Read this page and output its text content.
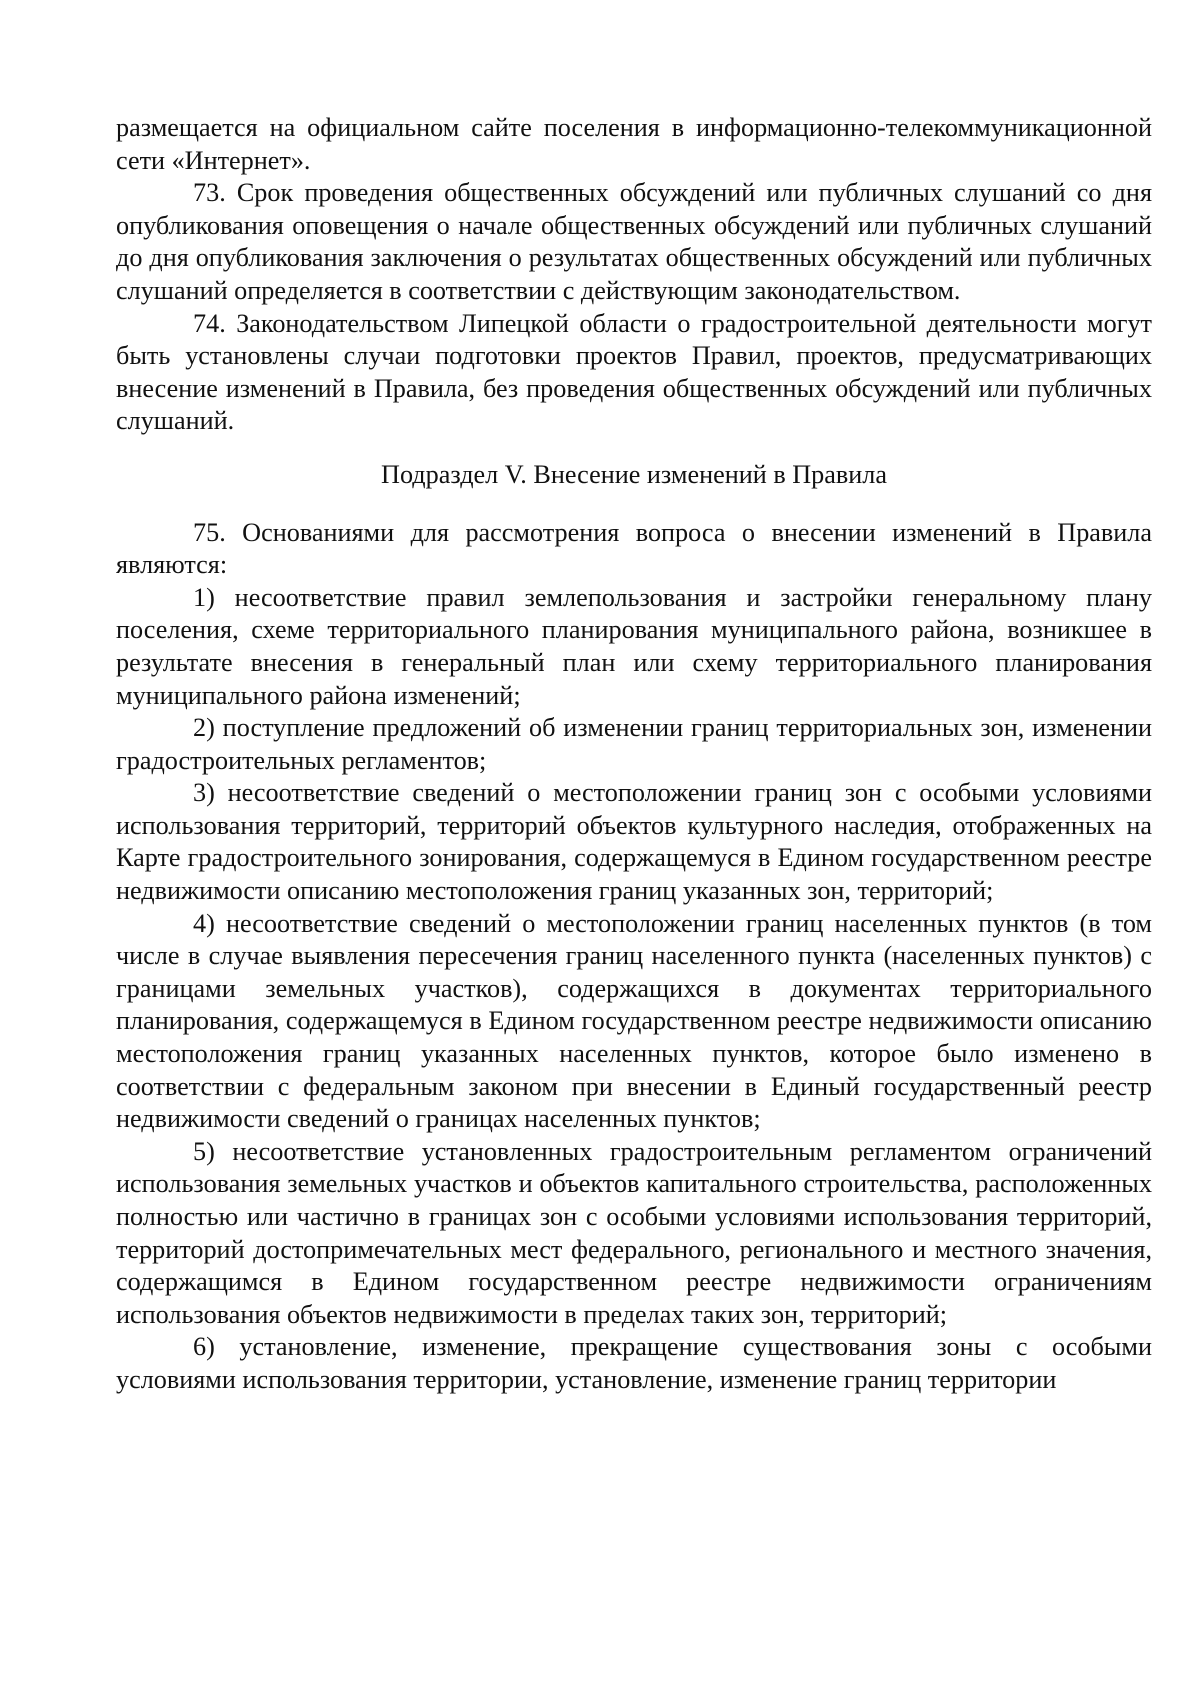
размещается на официальном сайте поселения в информационно-телекоммуникационной сети «Интернет».

73. Срок проведения общественных обсуждений или публичных слушаний со дня опубликования оповещения о начале общественных обсуждений или публичных слушаний до дня опубликования заключения о результатах общественных обсуждений или публичных слушаний определяется в соответствии с действующим законодательством.

74. Законодательством Липецкой области о градостроительной деятельности могут быть установлены случаи подготовки проектов Правил, проектов, предусматривающих внесение изменений в Правила, без проведения общественных обсуждений или публичных слушаний.

Подраздел V. Внесение изменений в Правила

75. Основаниями для рассмотрения вопроса о внесении изменений в Правила являются:

1) несоответствие правил землепользования и застройки генеральному плану поселения, схеме территориального планирования муниципального района, возникшее в результате внесения в генеральный план или схему территориального планирования муниципального района изменений;

2) поступление предложений об изменении границ территориальных зон, изменении градостроительных регламентов;

3) несоответствие сведений о местоположении границ зон с особыми условиями использования территорий, территорий объектов культурного наследия, отображенных на Карте градостроительного зонирования, содержащемуся в Едином государственном реестре недвижимости описанию местоположения границ указанных зон, территорий;

4) несоответствие сведений о местоположении границ населенных пунктов (в том числе в случае выявления пересечения границ населенного пункта (населенных пунктов) с границами земельных участков), содержащихся в документах территориального планирования, содержащемуся в Едином государственном реестре недвижимости описанию местоположения границ указанных населенных пунктов, которое было изменено в соответствии с федеральным законом при внесении в Единый государственный реестр недвижимости сведений о границах населенных пунктов;

5) несоответствие установленных градостроительным регламентом ограничений использования земельных участков и объектов капитального строительства, расположенных полностью или частично в границах зон с особыми условиями использования территорий, территорий достопримечательных мест федерального, регионального и местного значения, содержащимся в Едином государственном реестре недвижимости ограничениям использования объектов недвижимости в пределах таких зон, территорий;

6) установление, изменение, прекращение существования зоны с особыми условиями использования территории, установление, изменение границ территории
